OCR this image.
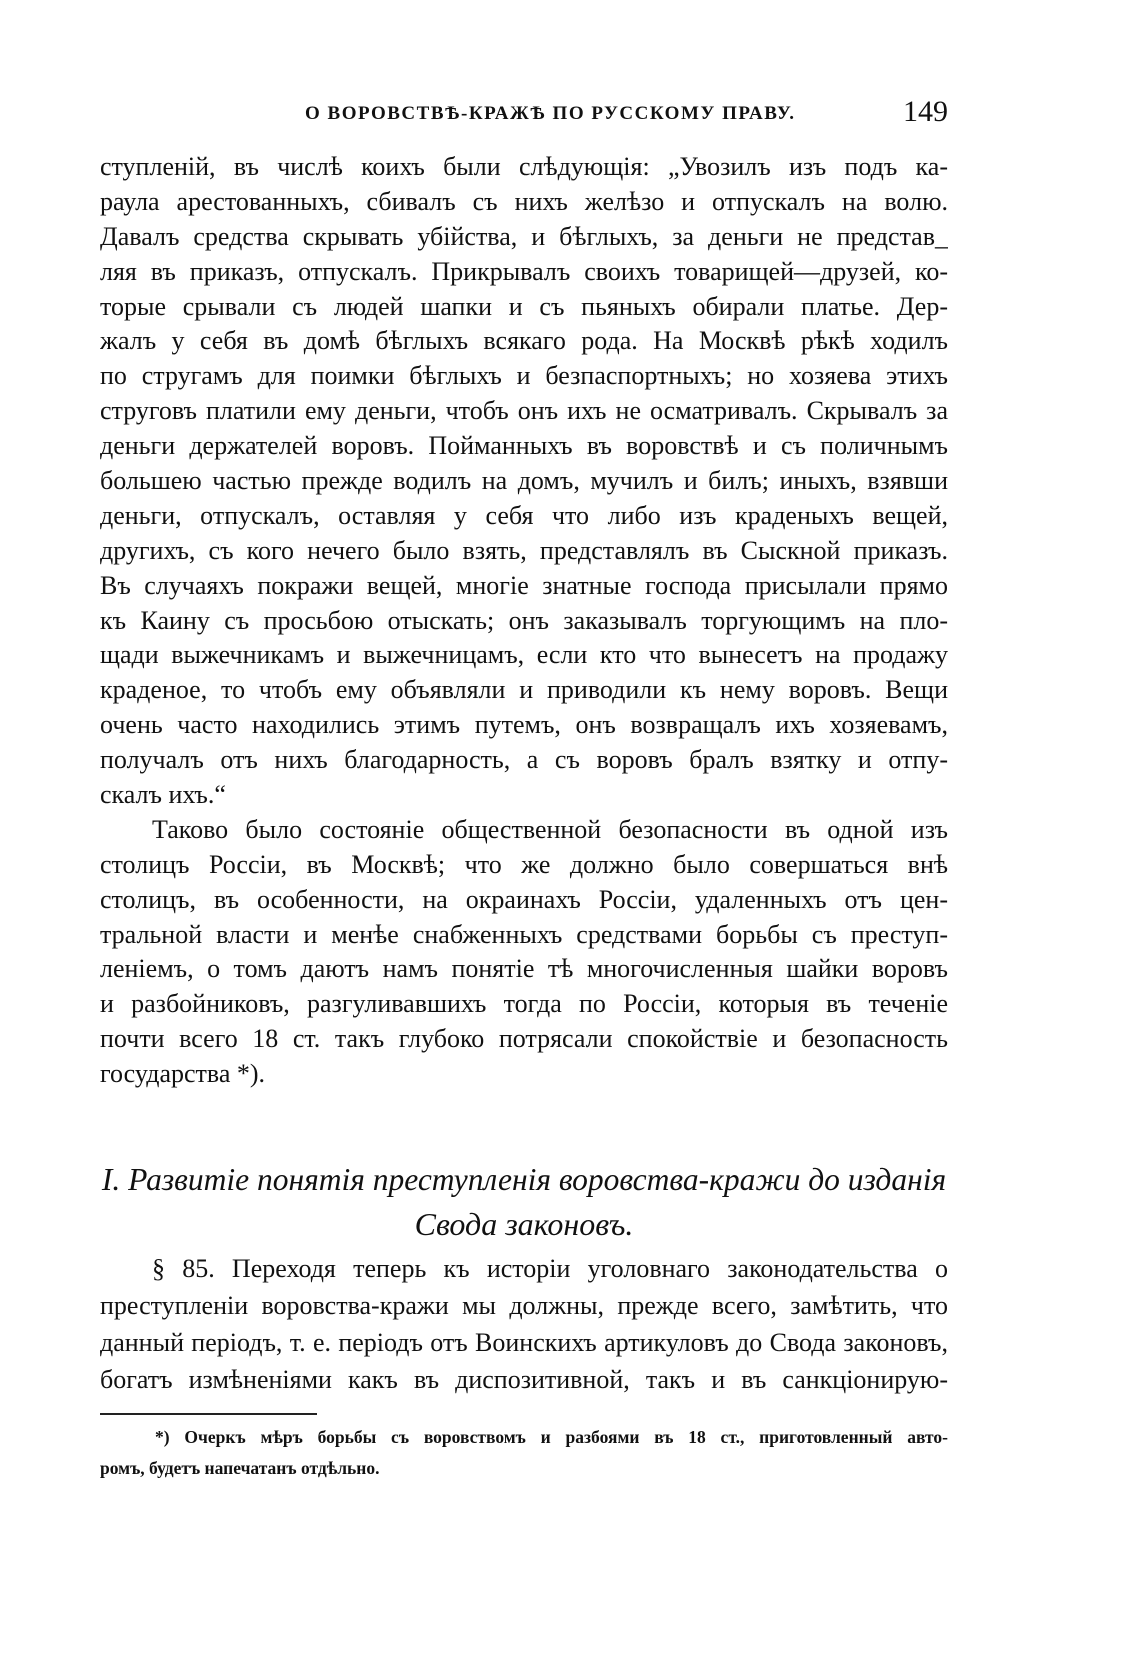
О ВОРОВСТВѢ-КРАЖѢ ПО РУССКОМУ ПРАВУ.	149
ступленій, въ числѣ коихъ были слѣдующія: „Увозилъ изъ подъ ка-
раула арестованныхъ, сбивалъ съ нихъ желѣзо и отпускалъ на волю.
Давалъ средства скрывать убійства, и бѣглыхъ, за деньги не представ_
ляя въ приказъ, отпускалъ. Прикрывалъ своихъ товарищей—друзей, ко-
торые срывали съ людей шапки и съ пьяныхъ обирали платье. Дер-
жалъ у себя въ домѣ бѣглыхъ всякаго рода. На Москвѣ рѣкѣ ходилъ
по стругамъ для поимки бѣглыхъ и безпаспортныхъ; но хозяева этихъ
струговъ платили ему деньги, чтобъ онъ ихъ не осматривалъ. Скрывалъ за
деньги держателей воровъ. Пойманныхъ въ воровствѣ и съ поличнымъ
большею частью прежде водилъ на домъ, мучилъ и билъ; иныхъ, взявши
деньги, отпускалъ, оставляя у себя что либо изъ краденыхъ вещей,
другихъ, съ кого нечего было взять, представлялъ въ Сыскной приказъ.
Въ случаяхъ покражи вещей, многіе знатные господа присылали прямо
къ Каину съ просьбою отыскать; онъ заказывалъ торгующимъ на пло-
щади выжечникамъ и выжечницамъ, если кто что вынесетъ на продажу
краденое, то чтобъ ему объявляли и приводили къ нему воровъ. Вещи
очень часто находились этимъ путемъ, онъ возвращалъ ихъ хозяевамъ,
получалъ отъ нихъ благодарность, а съ воровъ бралъ взятку и отпу-
скалъ ихъ.“
Таково было состояніе общественной безопасности въ одной изъ
столицъ Россіи, въ Москвѣ; что же должно было совершаться внѣ
столицъ, въ особенности, на окраинахъ Россіи, удаленныхъ отъ цен-
тральной власти и менѣе снабженныхъ средствами борьбы съ преступ-
леніемъ, о томъ даютъ намъ понятіе тѣ многочисленныя шайки воровъ
и разбойниковъ, разгуливавшихъ тогда по Россіи, которыя въ теченіе
почти всего 18 ст. такъ глубоко потрясали спокойствіе и безопасность
государства *).
I. Развитіе понятія преступленія воровства-кражи до изданія
Свода законовъ.
§ 85. Переходя теперь къ исторіи уголовнаго законодательства о
преступленіи воровства-кражи мы должны, прежде всего, замѣтить, что
данный періодъ, т. е. періодъ отъ Воинскихъ артикуловъ до Свода законовъ,
богатъ измѣненіями какъ въ диспозитивной, такъ и въ санкціонирую-
*) Очеркъ мѣръ борьбы съ воровствомъ и разбоями въ 18 ст., приготовленный авто-
ромъ, будетъ напечатанъ отдѣльно.
